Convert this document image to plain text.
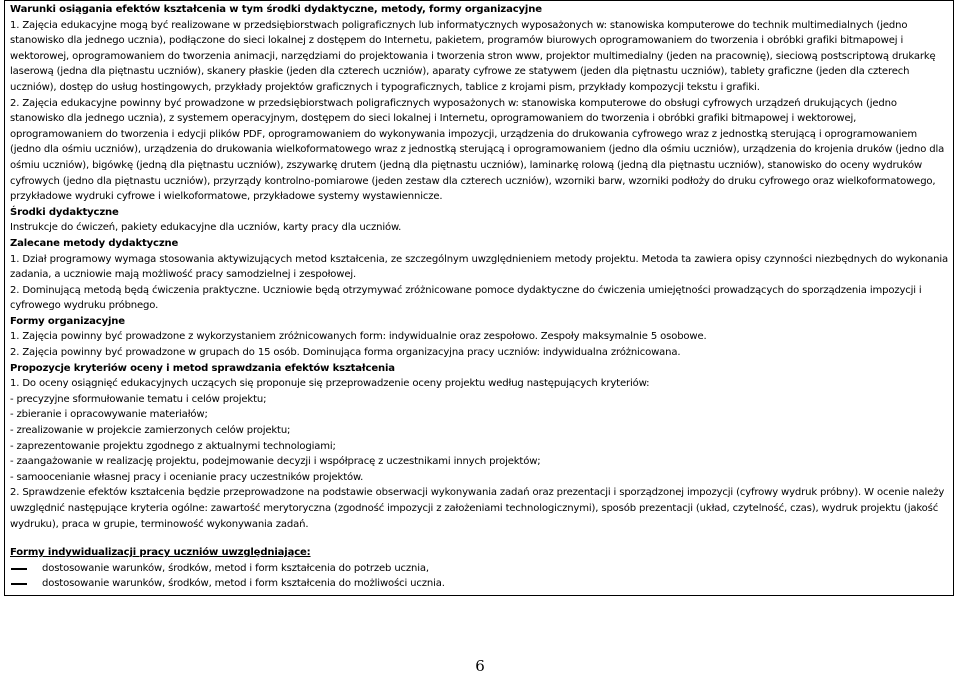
Warunki osiągania efektów kształcenia w tym środki dydaktyczne, metody, formy organizacyjne

1. Zajęcia edukacyjne mogą być realizowane w przedsiębiorstwach poligraficznych lub informatycznych wyposażonych w: stanowiska komputerowe do technik multimedialnych (jedno stanowisko dla jednego ucznia), podłączone do sieci lokalnej z dostępem do Internetu, pakietem, programów biurowych oprogramowaniem do tworzenia i obróbki grafiki bitmapowej i wektorowej, oprogramowaniem do tworzenia animacji, narzędziami do projektowania i tworzenia stron www, projektor multimedialny (jeden na pracownię), sieciową postscriptową drukarkę laserową (jedna dla piętnastu uczniów), skanery płaskie (jeden dla czterech uczniów), aparaty cyfrowe ze statywem (jeden dla piętnastu uczniów), tablety graficzne (jeden dla czterech uczniów), dostęp do usług hostingowych, przykłady projektów graficznych i typograficznych, tablice z krojami pism, przykłady kompozycji tekstu i grafiki.

2. Zajęcia edukacyjne powinny być prowadzone w przedsiębiorstwach poligraficznych wyposażonych w: stanowiska komputerowe do obsługi cyfrowych urządzeń drukujących (jedno stanowisko dla jednego ucznia), z systemem operacyjnym, dostępem do sieci lokalnej i Internetu, oprogramowaniem do tworzenia i obróbki grafiki bitmapowej i wektorowej, oprogramowaniem do tworzenia i edycji plików PDF, oprogramowaniem do wykonywania impozycji, urządzenia do drukowania cyfrowego wraz z jednostką sterującą i oprogramowaniem (jedno dla ośmiu uczniów), urządzenia do drukowania wielkoformatowego wraz z jednostką sterującą i oprogramowaniem (jedno dla ośmiu uczniów), urządzenia do krojenia druków (jedno dla ośmiu uczniów), bigówkę (jedną dla piętnastu uczniów), zszywarkę drutem (jedną dla piętnastu uczniów), laminarkę rolową (jedną dla piętnastu uczniów), stanowisko do oceny wydruków cyfrowych (jedno dla piętnastu uczniów), przyrządy kontrolno-pomiarowe (jeden zestaw dla czterech uczniów), wzorniki barw, wzorniki podłoży do druku cyfrowego oraz wielkoformatowego, przykładowe wydruki cyfrowe i wielkoformatowe, przykładowe systemy wystawiennicze.

Środki dydaktyczne

Instrukcje do ćwiczeń, pakiety edukacyjne dla uczniów, karty pracy dla uczniów.

Zalecane metody dydaktyczne

1. Dział programowy wymaga stosowania aktywizujących metod kształcenia, ze szczególnym uwzględnieniem metody projektu. Metoda ta zawiera opisy czynności niezbędnych do wykonania zadania, a uczniowie mają możliwość pracy samodzielnej i zespołowej.

2. Dominującą metodą będą ćwiczenia praktyczne. Uczniowie będą otrzymywać zróżnicowane pomoce dydaktyczne do ćwiczenia umiejętności prowadzących do sporządzenia impozycji i cyfrowego wydruku próbnego.

Formy organizacyjne

1. Zajęcia powinny być prowadzone z wykorzystaniem zróżnicowanych form: indywidualnie oraz zespołowo. Zespoły maksymalnie 5 osobowe.

2. Zajęcia powinny być prowadzone w grupach do 15 osób. Dominująca forma organizacyjna pracy uczniów: indywidualna zróżnicowana.

Propozycje kryteriów oceny i metod sprawdzania efektów kształcenia

1. Do oceny osiągnięć edukacyjnych uczących się proponuje się przeprowadzenie oceny projektu według następujących kryteriów:

- precyzyjne sformułowanie tematu i celów projektu;

- zbieranie i opracowywanie materiałów;

- zrealizowanie w projekcie zamierzonych celów projektu;

- zaprezentowanie projektu zgodnego z aktualnymi technologiami;

- zaangażowanie w realizację projektu, podejmowanie decyzji i współpracę z uczestnikami innych projektów;

- samoocenianie własnej pracy i ocenianie pracy uczestników projektów.

2. Sprawdzenie efektów kształcenia będzie przeprowadzone na podstawie obserwacji wykonywania zadań oraz prezentacji i sporządzonej impozycji (cyfrowy wydruk próbny). W ocenie należy uwzględnić następujące kryteria ogólne: zawartość merytoryczna (zgodność impozycji z założeniami technologicznymi), sposób prezentacji (układ, czytelność, czas), wydruk projektu (jakość wydruku), praca w grupie, terminowość wykonywania zadań.

Formy indywidualizacji pracy uczniów uwzględniające:

dostosowanie warunków, środków, metod i form kształcenia do potrzeb ucznia,

dostosowanie warunków, środków, metod i form kształcenia do możliwości ucznia.

6
